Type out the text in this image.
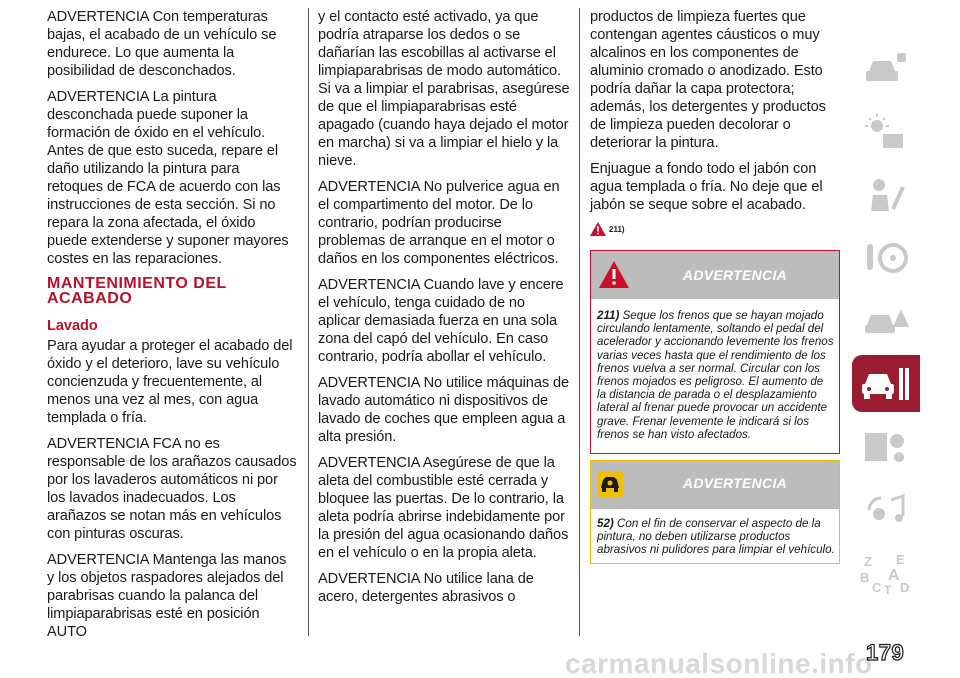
ADVERTENCIA Con temperaturas bajas, el acabado de un vehículo se endurece. Lo que aumenta la posibilidad de desconchados.

ADVERTENCIA La pintura desconchada puede suponer la formación de óxido en el vehículo. Antes de que esto suceda, repare el daño utilizando la pintura para retoques de FCA de acuerdo con las instrucciones de esta sección. Si no repara la zona afectada, el óxido puede extenderse y suponer mayores costes en las reparaciones.

MANTENIMIENTO DEL
ACABADO
Lavado

Para ayudar a proteger el acabado del óxido y el deterioro, lave su vehículo concienzuda y frecuentemente, al menos una vez al mes, con agua templada o fría.

ADVERTENCIA FCA no es responsable de los arañazos causados por los lavaderos automáticos ni por los lavados inadecuados. Los arañazos se notan más en vehículos con pinturas oscuras.

ADVERTENCIA Mantenga las manos y los objetos raspadores alejados del parabrisas cuando la palanca del limpiaparabrisas esté en posición AUTO

y el contacto esté activado, ya que podría atraparse los dedos o se dañarían las escobillas al activarse el limpiaparabrisas de modo automático. Si va a limpiar el parabrisas, asegúrese de que el limpiaparabrisas esté apagado (cuando haya dejado el motor en marcha) si va a limpiar el hielo y la nieve.

ADVERTENCIA No pulverice agua en el compartimento del motor. De lo contrario, podrían producirse problemas de arranque en el motor o daños en los componentes eléctricos.

ADVERTENCIA Cuando lave y encere el vehículo, tenga cuidado de no aplicar demasiada fuerza en una sola zona del capó del vehículo. En caso contrario, podría abollar el vehículo.

ADVERTENCIA No utilice máquinas de lavado automático ni dispositivos de lavado de coches que empleen agua a alta presión.

ADVERTENCIA Asegúrese de que la aleta del combustible esté cerrada y bloquee las puertas. De lo contrario, la aleta podría abrirse indebidamente por la presión del agua ocasionando daños en el vehículo o en la propia aleta.

ADVERTENCIA No utilice lana de acero, detergentes abrasivos o

productos de limpieza fuertes que contengan agentes cáusticos o muy alcalinos en los componentes de aluminio cromado o anodizado. Esto podría dañar la capa protectora; además, los detergentes y productos de limpieza pueden decolorar o deteriorar la pintura.

Enjuague a fondo todo el jabón con agua templada o fría. No deje que el jabón se seque sobre el acabado.

211)
ADVERTENCIA
211) Seque los frenos que se hayan mojado circulando lentamente, soltando el pedal del acelerador y accionando levemente los frenos varias veces hasta que el rendimiento de los frenos vuelva a ser normal. Circular con los frenos mojados es peligroso. El aumento de la distancia de parada o el desplazamiento lateral al frenar puede provocar un accidente grave. Frenar levemente le indicará si los frenos se han visto afectados.
ADVERTENCIA
52) Con el fin de conservar el aspecto de la pintura, no deben utilizarse productos abrasivos ni pulidores para limpiar el vehículo.
Z E
B A
C T D
carmanualsonline.info
179
